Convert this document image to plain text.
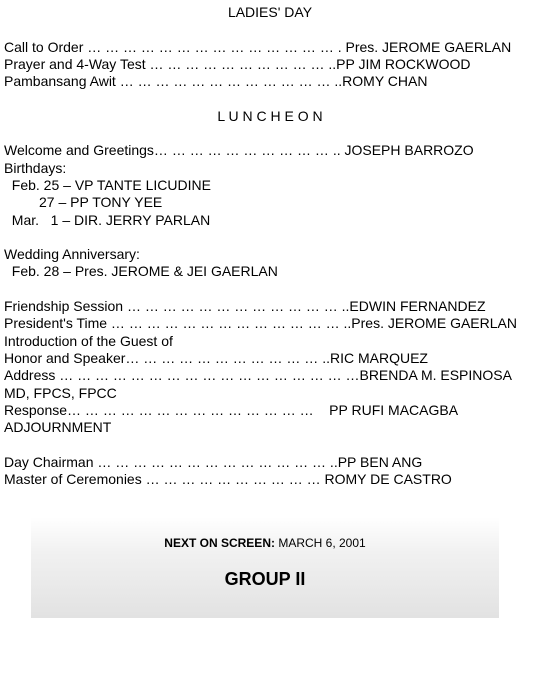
LADIES' DAY
Call to Order … … … … … … … … … … … … … … . Pres. JEROME GAERLAN
Prayer and 4-Way Test … … … … … … … … … … ..PP JIM ROCKWOOD
Pambansang Awit … … … … … … … … … … … … ..ROMY CHAN
L U N C H E O N
Welcome and Greetings… … … … … … … … … … .. JOSEPH BARROZO
Birthdays:
Feb. 25 – VP TANTE LICUDINE
27 – PP TONY YEE
Mar.   1 – DIR. JERRY PARLAN
Wedding Anniversary:
Feb. 28 – Pres. JEROME & JEI GAERLAN
Friendship Session … … … … … … … … … … … … ..EDWIN FERNANDEZ
President's Time … … … … … … … … … … … … … ..Pres. JEROME GAERLAN
Introduction of the Guest of
Honor and Speaker… … … … … … … … … … … ..RIC MARQUEZ
Address … … … … … … … … … … … … … … … … …BRENDA M. ESPINOSA
MD, FPCS, FPCC
Response… … … … … … … … … … … … … …    PP RUFI MACAGBA
ADJOURNMENT
Day Chairman … … … … … … … … … … … … … ..PP BEN ANG
Master of Ceremonies … … … … … … … … … … ROMY DE CASTRO
NEXT ON SCREEN: MARCH 6, 2001
GROUP II
